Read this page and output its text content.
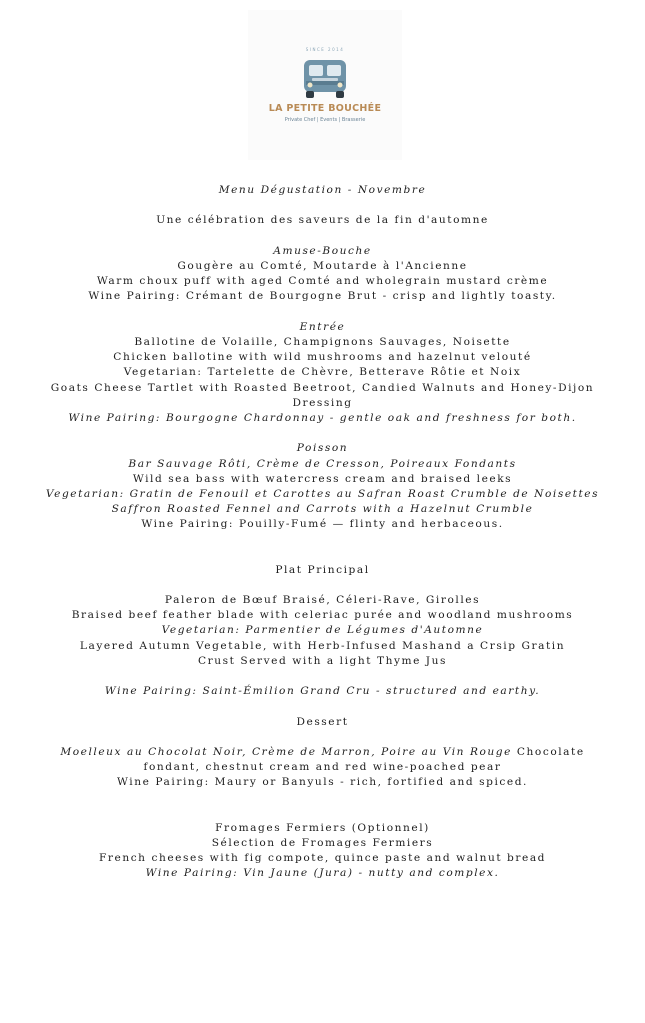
SINCE 2014
LA PETITE BOUCHÉE
Private Chef | Events | Brasserie

Menu Dégustation - Novembre

Une célébration des saveurs de la fin d'automne

Amuse-Bouche

Gougère au Comté, Moutarde à l'Ancienne

Warm choux puff with aged Comté and wholegrain mustard crème

Wine Pairing: Crémant de Bourgogne Brut - crisp and lightly toasty.

Entrée

Ballotine de Volaille, Champignons Sauvages, Noisette

Chicken ballotine with wild mushrooms and hazelnut velouté

Vegetarian: Tartelette de Chèvre, Betterave Rôtie et Noix

Goats Cheese Tartlet with Roasted Beetroot, Candied Walnuts and Honey-Dijon Dressing

Wine Pairing: Bourgogne Chardonnay - gentle oak and freshness for both.

Poisson

Bar Sauvage Rôti, Crème de Cresson, Poireaux Fondants

Wild sea bass with watercress cream and braised leeks

Vegetarian: Gratin de Fenouil et Carottes au Safran Roast Crumble de Noisettes

Saffron Roasted Fennel and Carrots with a Hazelnut Crumble

Wine Pairing: Pouilly-Fumé — flinty and herbaceous.

Plat Principal

Paleron de Bœuf Braisé, Céleri-Rave, Girolles

Braised beef feather blade with celeriac purée and woodland mushrooms

Vegetarian: Parmentier de Légumes d'Automne

Layered Autumn Vegetable, with Herb-Infused Mashand a Crsip Gratin

Crust Served with a light Thyme Jus

Wine Pairing: Saint-Émilion Grand Cru - structured and earthy.

Dessert

Moelleux au Chocolat Noir, Crème de Marron, Poire au Vin Rouge Chocolate fondant, chestnut cream and red wine-poached pear

Wine Pairing: Maury or Banyuls - rich, fortified and spiced.

Fromages Fermiers (Optionnel)

Sélection de Fromages Fermiers

French cheeses with fig compote, quince paste and walnut bread

Wine Pairing: Vin Jaune (Jura) - nutty and complex.
